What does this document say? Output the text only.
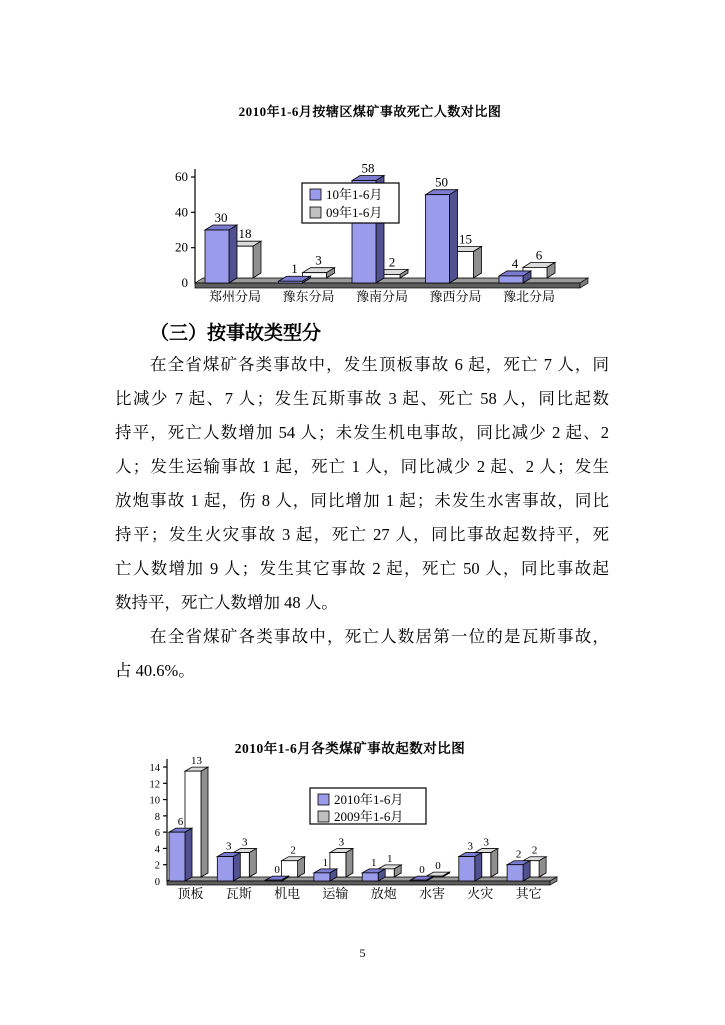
2010年1-6月按辖区煤矿事故死亡人数对比图
0
20
40
60
30
18
郑州分局
1
3
豫东分局
58
2
豫南分局
50
15
豫西分局
4
6
豫北分局
10年1-6月
09年1-6月
（三）按事故类型分
在全省煤矿各类事故中，发生顶板事故 6 起，死亡 7 人，同
比减少 7 起、7 人；发生瓦斯事故 3 起、死亡 58 人，同比起数
持平，死亡人数增加 54 人；未发生机电事故，同比减少 2 起、2
人；发生运输事故 1 起，死亡 1 人，同比减少 2 起、2 人；发生
放炮事故 1 起，伤 8 人，同比增加 1 起；未发生水害事故，同比
持平；发生火灾事故 3 起，死亡 27 人，同比事故起数持平，死
亡人数增加 9 人；发生其它事故 2 起，死亡 50 人，同比事故起
数持平，死亡人数增加 48 人。
在全省煤矿各类事故中，死亡人数居第一位的是瓦斯事故，
占 40.6%。
2010年1-6月各类煤矿事故起数对比图
0
2
4
6
8
10
12
14
6
13
顶板
3 3
瓦斯
0
2
机电
1
3
运输
1 1
放炮
0 0
水害
3 3
火灾
2 2
其它
2010年1-6月
2009年1-6月
5
